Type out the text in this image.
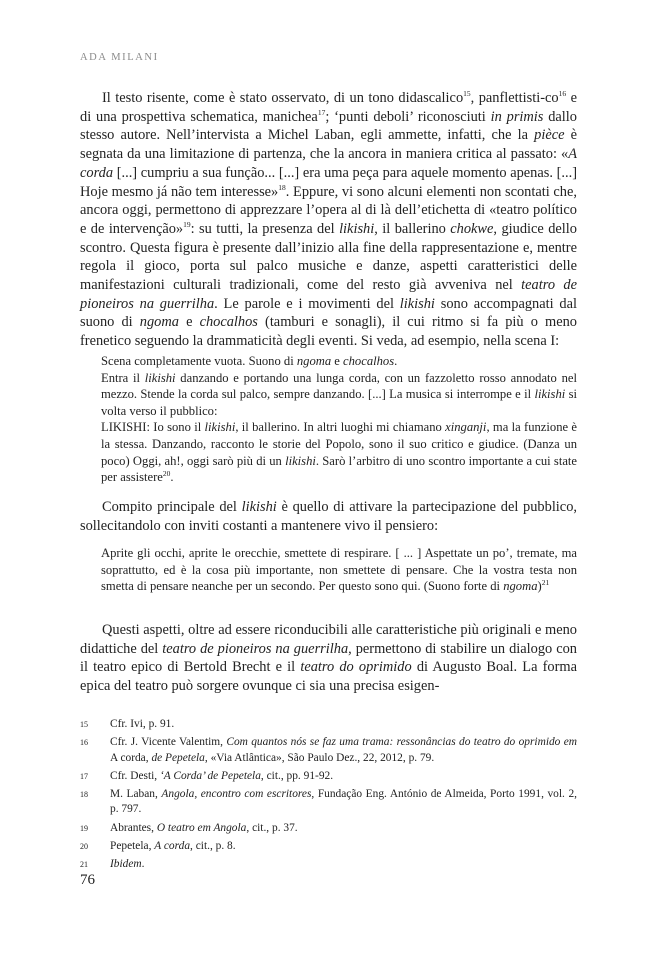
ADA MILANI

Il testo risente, come è stato osservato, di un tono didascalico$^{15}$, panflettisti-$co^{16}$ e di una prospettiva schematica, manichea$^{17}$; ‘punti deboli’ riconosciuti in primis dallo stesso autore. Nell’intervista a Michel Laban, egli ammette, infatti, che la pièce è segnata da una limitazione di partenza, che la ancora in maniera critica al passato: «A corda [...] cumpriu a sua função... [...] era uma peça para aquele momento apenas. [...] Hoje mesmo já não tem interesse»$^{18}$. Eppure, vi sono alcuni elementi non scontati che, ancora oggi, permettono di apprezzare l’opera al di là dell’etichetta di «teatro político e de intervenção»$^{19}$: su tutti, la presenza del likishi, il ballerino chokwe, giudice dello scontro. Questa figura è presente dall’inizio alla fine della rappresentazione e, mentre regola il gioco, porta sul palco musiche e danze, aspetti caratteristici delle manifestazioni culturali tradizionali, come del resto già avveniva nel teatro de pioneiros na guerrilha. Le parole e i movimenti del likishi sono accompagnati dal suono di ngoma e chocalhos (tamburi e sonagli), il cui ritmo si fa più o meno frenetico seguendo la drammaticità degli eventi. Si veda, ad esempio, nella scena I:

Scena completamente vuota. Suono di ngoma e chocalhos.
Entra il likishi danzando e portando una lunga corda, con un fazzoletto rosso annodato nel mezzo. Stende la corda sul palco, sempre danzando. [...] La musica si interrompe e il likishi si volta verso il pubblico:
LIKISHI: Io sono il likishi, il ballerino. In altri luoghi mi chiamano xinganji, ma la funzione è la stessa. Danzando, racconto le storie del Popolo, sono il suo critico e giudice. (Danza un poco) Oggi, ah!, oggi sarò più di un likishi. Sarò l’arbitro di uno scontro importante a cui state per assistere$^{20}$.

Compito principale del likishi è quello di attivare la partecipazione del pubblico, sollecitandolo con inviti costanti a mantenere vivo il pensiero:

Aprite gli occhi, aprite le orecchie, smettete di respirare. [ ... ] Aspettate un po’, tremate, ma soprattutto, ed è la cosa più importante, non smettete di pensare. Che la vostra testa non smetta di pensare neanche per un secondo. Per questo sono qui. (Suono forte di ngoma)$^{21}$

Questi aspetti, oltre ad essere riconducibili alle caratteristiche più originali e meno didattiche del teatro de pioneiros na guerrilha, permettono di stabilire un dialogo con il teatro epico di Bertold Brecht e il teatro do oprimido di Augusto Boal. La forma epica del teatro può sorgere ovunque ci sia una precisa esigen-

15 Cfr. Ivi, p. 91.
16 Cfr. J. Vicente Valentim, Com quantos nós se faz uma trama: ressonâncias do teatro do oprimido em A corda, de Pepetela, «Via Atlântica», São Paulo Dez., 22, 2012, p. 79.
17 Cfr. Desti, ‘A Corda’ de Pepetela, cit., pp. 91-92.
18 M. Laban, Angola, encontro com escritores, Fundação Eng. António de Almeida, Porto 1991, vol. 2, p. 797.
19 Abrantes, O teatro em Angola, cit., p. 37.
20 Pepetela, A corda, cit., p. 8.
21 Ibidem.
76
